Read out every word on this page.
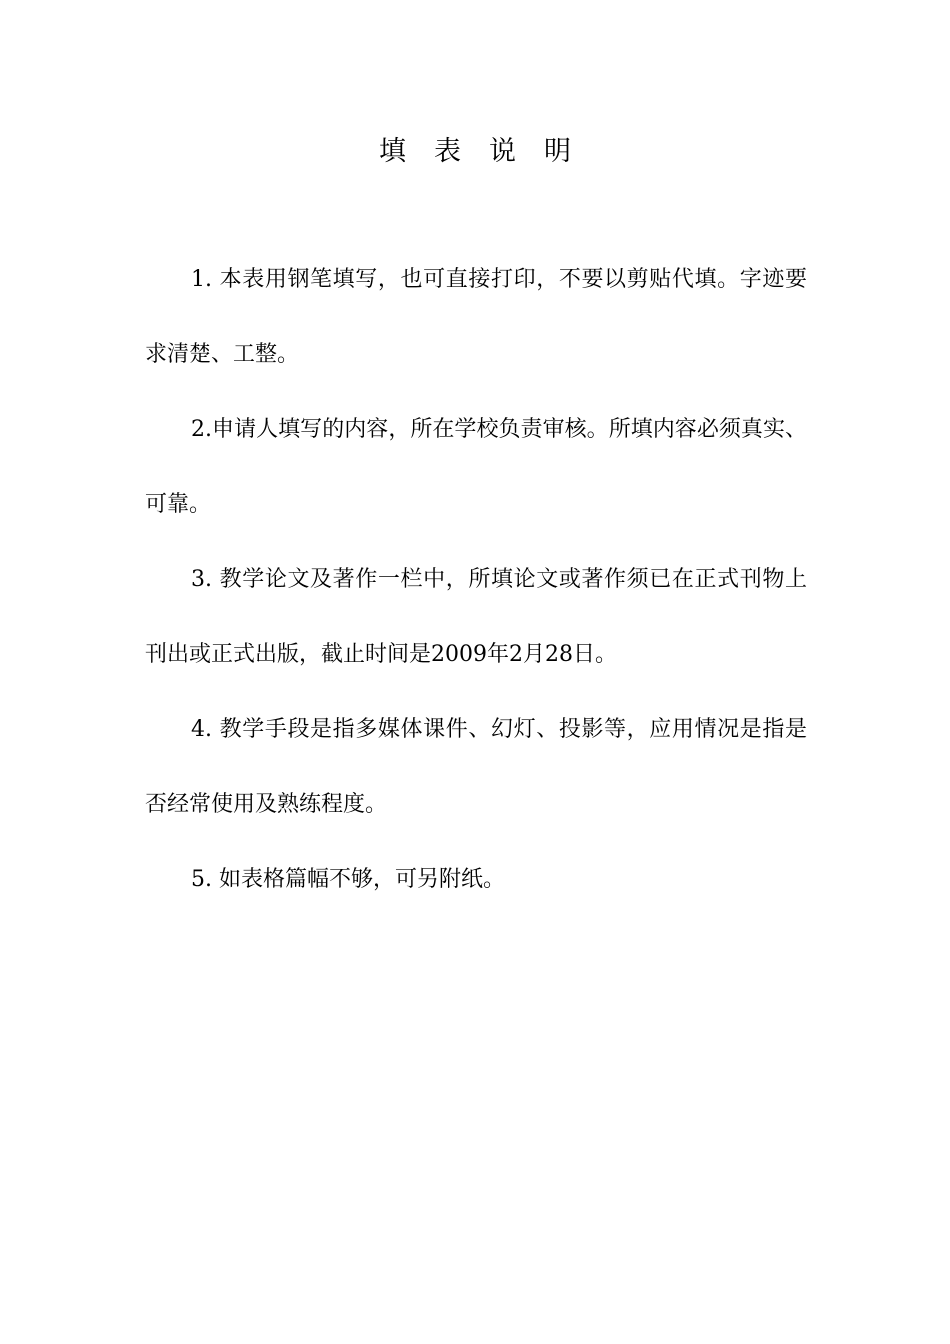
填表说明

1. 本表用钢笔填写，也可直接打印，不要以剪贴代填。字迹要求清楚、工整。

2.申请人填写的内容，所在学校负责审核。所填内容必须真实、可靠。

3. 教学论文及著作一栏中，所填论文或著作须已在正式刊物上刊出或正式出版，截止时间是2009年2月28日。

4. 教学手段是指多媒体课件、幻灯、投影等，应用情况是指是否经常使用及熟练程度。

5. 如表格篇幅不够，可另附纸。
